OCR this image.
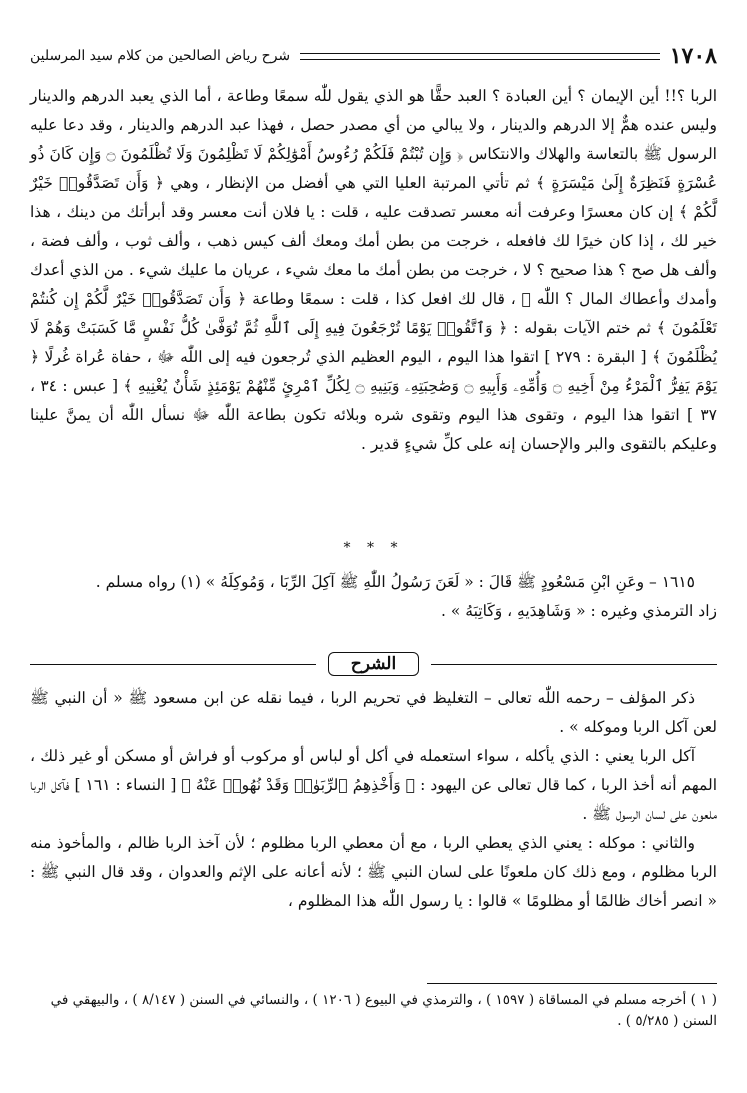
١٧٠٨
شرح رياض الصالحين من كلام سيد المرسلين
الربا ؟!! أين الإيمان ؟ أين العبادة ؟ العبد حقًّا هو الذي يقول للّٰه سمعًا وطاعة ، أما الذي يعبد الدرهم والدينار وليس عنده همٌّ إلا الدرهم والدينار ، ولا يبالي من أي مصدر حصل ، فهذا عبد الدرهم والدينار ، وقد دعا عليه الرسول ﷺ بالتعاسة والهلاك والانتكاس ﴿ وَإِن تُبْتُمْ فَلَكُمْ رُءُوسُ أَمْوَٰلِكُمْ لَا تَظْلِمُونَ وَلَا تُظْلَمُونَ ۝ وَإِن كَانَ ذُو عُسْرَةٍ فَنَظِرَةٌ إِلَىٰ مَيْسَرَةٍ ﴾ ثم تأتي المرتبة العليا التي هي أفضل من الإنظار ، وهي ﴿ وَأَن تَصَدَّقُوا۟ خَيْرٌ لَّكُمْ ﴾ إن كان معسرًا وعرفت أنه معسر تصدقت عليه ، قلت : يا فلان أنت معسر وقد أبرأتك من دينك ، هذا خير لك ، إذا كان خيرًا لك فافعله ، خرجت من بطن أمك ومعك ألف كيس ذهب ، وألف ثوب ، وألف فضة ، وألف هل صح ؟ هذا صحيح ؟ لا ، خرجت من بطن أمك ما معك شيء ، عريان ما عليك شيء . من الذي أعدك وأمدك وأعطاك المال ؟ اللّٰه ﷻ ، قال لك افعل كذا ، قلت : سمعًا وطاعة ﴿ وَأَن تَصَدَّقُوا۟ خَيْرٌ لَّكُمْ إِن كُنتُمْ تَعْلَمُونَ ﴾ ثم ختم الآيات بقوله : ﴿ وَٱتَّقُوا۟ يَوْمًا تُرْجَعُونَ فِيهِ إِلَى ٱللَّهِ ثُمَّ تُوَفَّىٰ كُلُّ نَفْسٍ مَّا كَسَبَتْ وَهُمْ لَا يُظْلَمُونَ ﴾ [ البقرة : ٢٧٩ ] اتقوا هذا اليوم ، اليوم العظيم الذي تُرجعون فيه إلى اللّٰه ﷻ ، حفاة عُراة غُرلًا ﴿ يَوْمَ يَفِرُّ ٱلْمَرْءُ مِنْ أَخِيهِ ۝ وَأُمِّهِۦ وَأَبِيهِ ۝ وَصَٰحِبَتِهِۦ وَبَنِيهِ ۝ لِكُلِّ ٱمْرِئٍ مِّنْهُمْ يَوْمَئِذٍ شَأْنٌ يُغْنِيهِ ﴾ [ عبس : ٣٤ ، ٣٧ ] اتقوا هذا اليوم ، وتقوى هذا اليوم وتقوى شره وبلائه تكون بطاعة اللّٰه ﷻ نسأل اللّٰه أن يمنَّ علينا وعليكم بالتقوى والبر والإحسان إنه على كلِّ شيءٍ قدير .
* * *
١٦١٥ – وعَنِ ابْنِ مَسْعُودٍ ﷺ قَالَ : « لَعَنَ رَسُولُ اللّٰهِ ﷺ آكِلَ الرِّبَا ، وَمُوكِلَهُ » (١) رواه مسلم .
زاد الترمذي وغيره : « وَشَاهِدَيهِ ، وَكَاتِبَهُ » .
الشرح
ذكر المؤلف – رحمه اللّٰه تعالى – التغليظ في تحريم الربا ، فيما نقله عن ابن مسعود ﷺ « أن النبي ﷺ لعن آكل الربا وموكله » .
آكل الربا يعني : الذي يأكله ، سواء استعمله في أكل أو لباس أو مركوب أو فراش أو مسكن أو غير ذلك ، المهم أنه أخذ الربا ، كما قال تعالى عن اليهود : ﴿ وَأَخْذِهِمُ ٱلرِّبَوٰا۟ وَقَدْ نُهُوا۟ عَنْهُ ﴾ [ النساء : ١٦١ ] فآكل الربا ملعون على لسان الرسول ﷺ .
والثاني : موكله : يعني الذي يعطي الربا ، مع أن معطي الربا مظلوم ؛ لأن آخذ الربا ظالم ، والمأخوذ منه الربا مظلوم ، ومع ذلك كان ملعونًا على لسان النبي ﷺ ؛ لأنه أعانه على الإثم والعدوان ، وقد قال النبي ﷺ : « انصر أخاك ظالمًا أو مظلومًا » قالوا : يا رسول اللّٰه هذا المظلوم ،
( ١ ) أخرجه مسلم في المساقاة ( ١٥٩٧ ) ، والترمذي في البيوع ( ١٢٠٦ ) ، والنسائي في السنن ( ٨/١٤٧ ) ، والبيهقي في السنن ( ٥/٢٨٥ ) .
